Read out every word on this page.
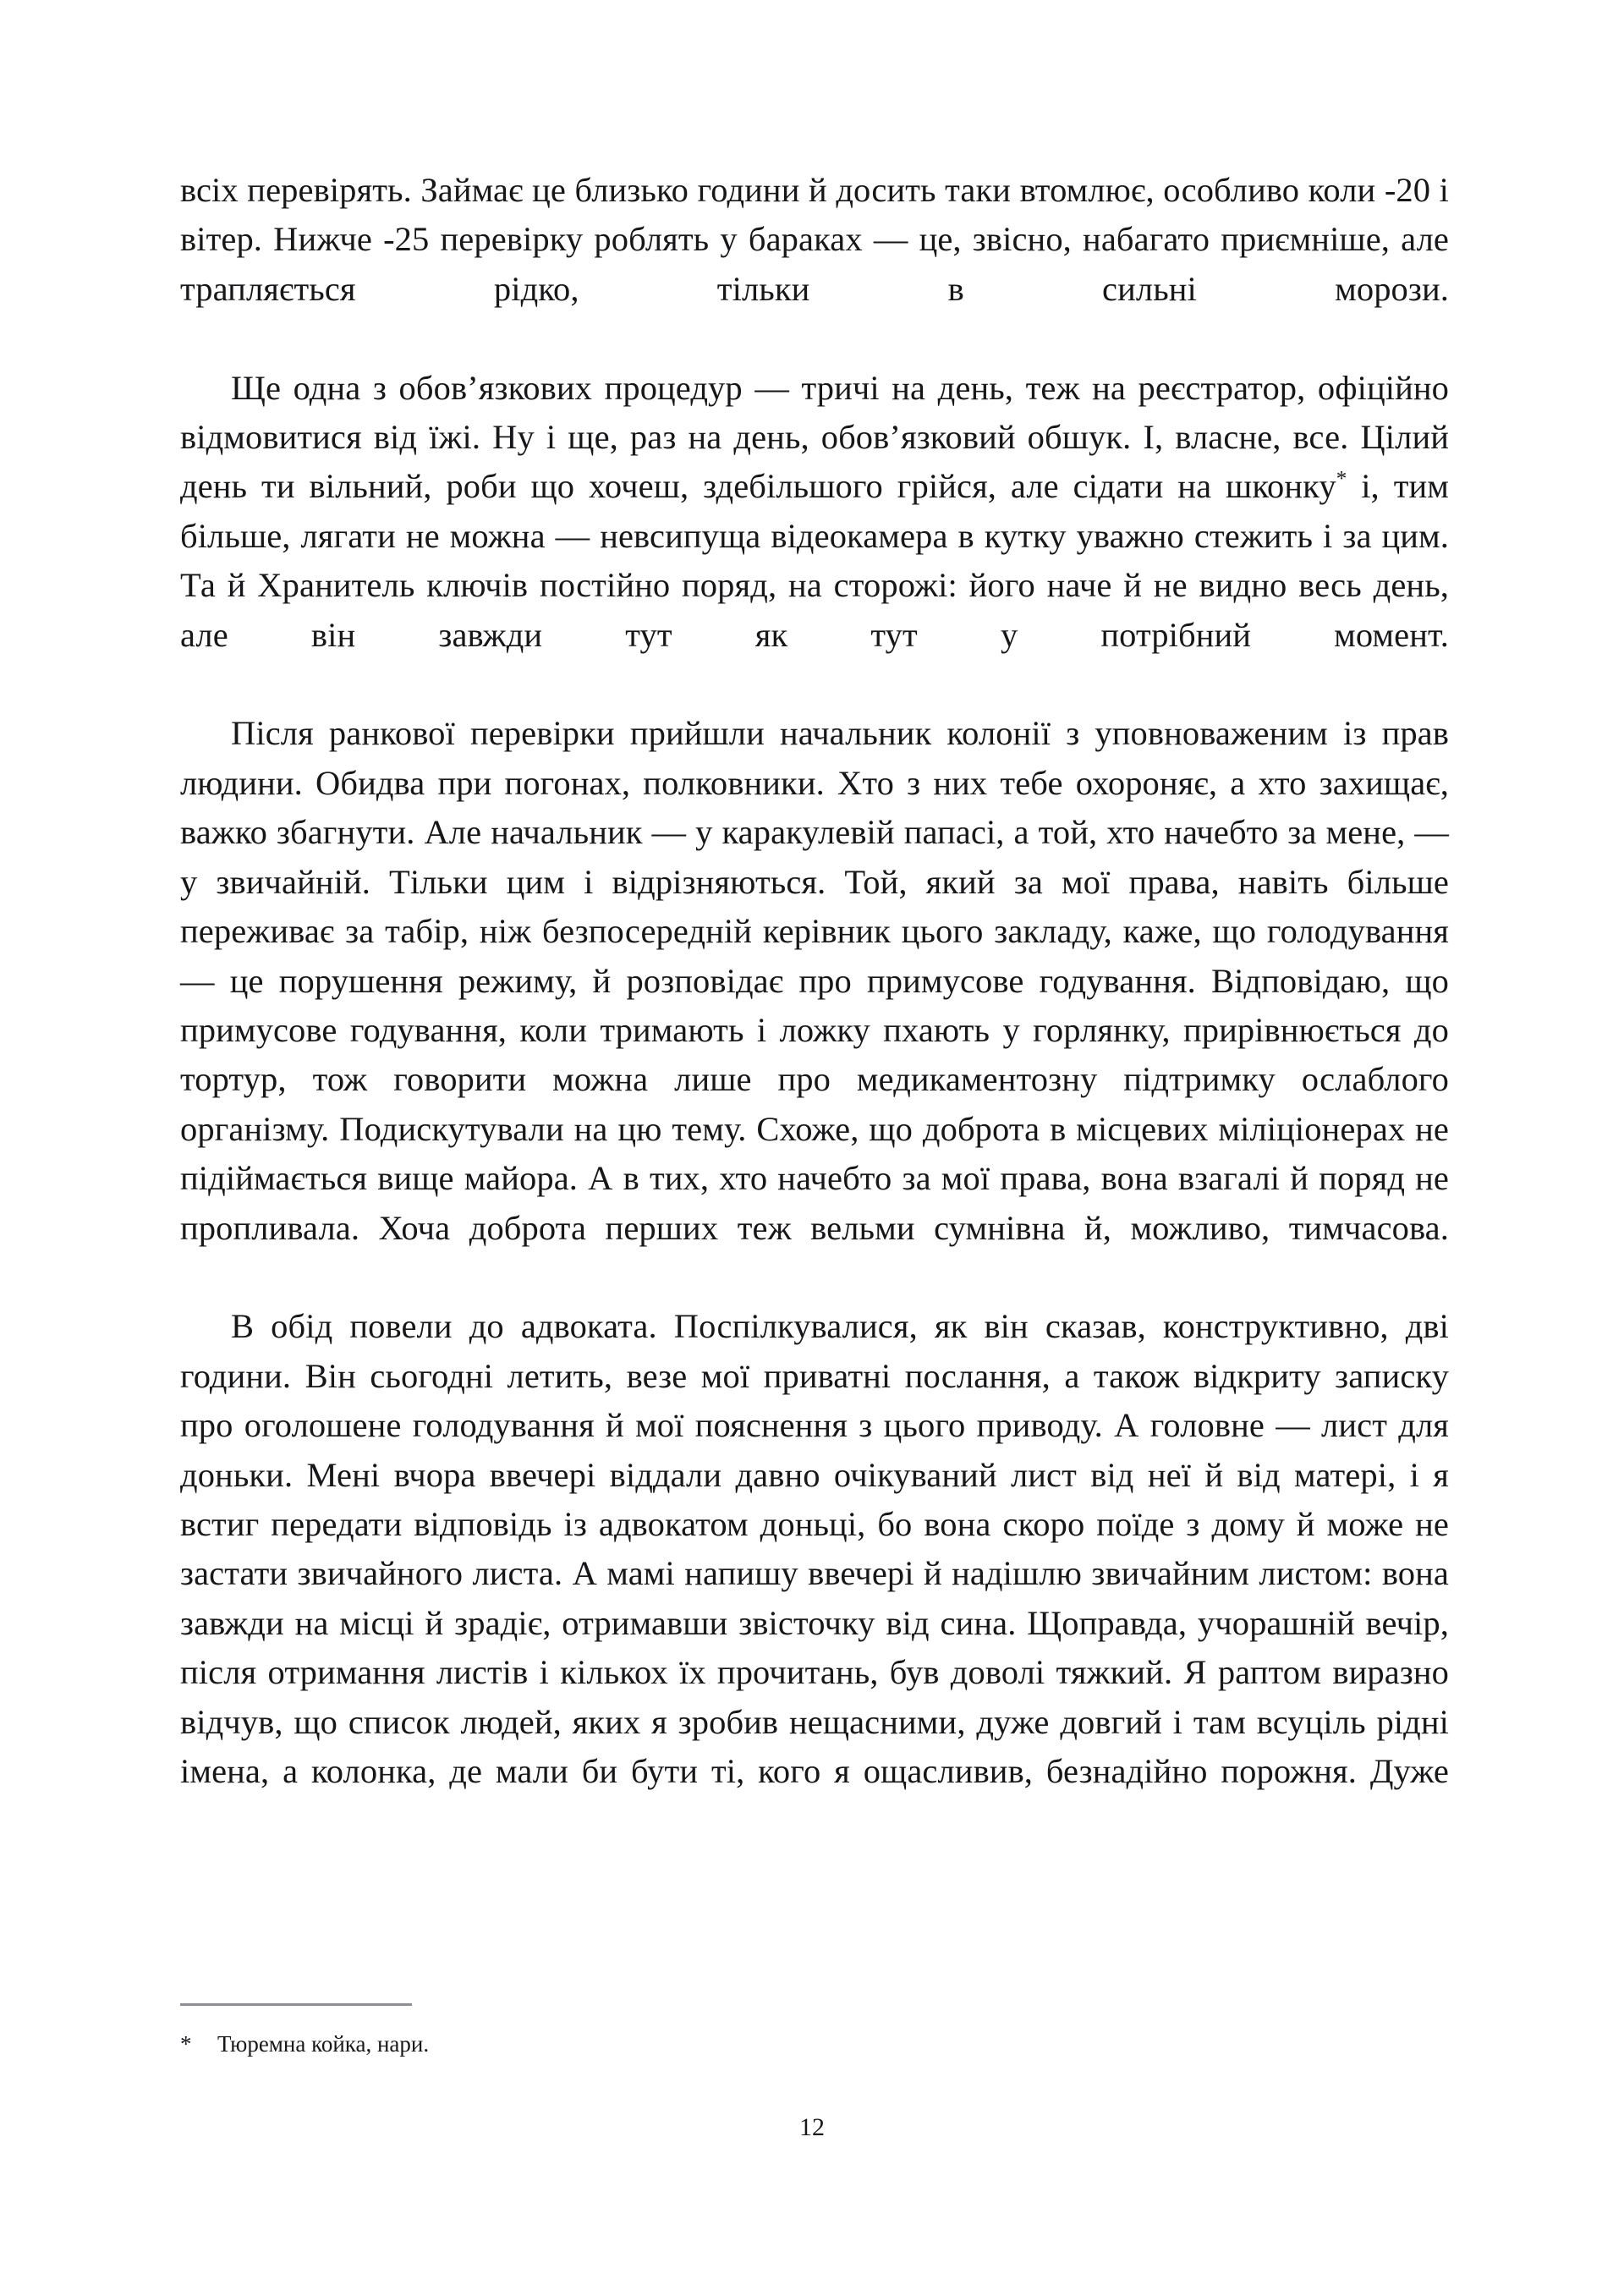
всіх перевірять. Займає це близько години й досить таки втомлює, особливо коли -20 і вітер. Нижче -25 перевірку роблять у бараках — це, звісно, набагато приємніше, але трапляється рідко, тільки в сильні морози.

Ще одна з обов’язкових процедур — тричі на день, теж на реєстратор, офіційно відмовитися від їжі. Ну і ще, раз на день, обов’язковий обшук. І, власне, все. Цілий день ти вільний, роби що хочеш, здебільшого грійся, але сідати на шконку* і, тим більше, лягати не можна — невсипуща відеокамера в кутку уважно стежить і за цим. Та й Хранитель ключів постійно поряд, на сторожі: його наче й не видно весь день, але він завжди тут як тут у потрібний момент.

Після ранкової перевірки прийшли начальник колонії з уповноваженим із прав людини. Обидва при погонах, полковники. Хто з них тебе охороняє, а хто захищає, важко збагнути. Але начальник — у каракулевій папасі, а той, хто начебто за мене, — у звичайній. Тільки цим і відрізняються. Той, який за мої права, навіть більше переживає за табір, ніж безпосередній керівник цього закладу, каже, що голодування — це порушення режиму, й розповідає про примусове годування. Відповідаю, що примусове годування, коли тримають і ложку пхають у горлянку, прирівнюється до тортур, тож говорити можна лише про медикаментозну підтримку ослаблого організму. Подискутували на цю тему. Схоже, що доброта в місцевих міліціонерах не підіймається вище майора. А в тих, хто начебто за мої права, вона взагалі й поряд не пропливала. Хоча доброта перших теж вельми сумнівна й, можливо, тимчасова.

В обід повели до адвоката. Поспілкувалися, як він сказав, конструктивно, дві години. Він сьогодні летить, везе мої приватні послання, а також відкриту записку про оголошене голодування й мої пояснення з цього приводу. А головне — лист для доньки. Мені вчора ввечері віддали давно очікуваний лист від неї й від матері, і я встиг передати відповідь із адвокатом доньці, бо вона скоро поїде з дому й може не застати звичайного листа. А мамі напишу ввечері й надішлю звичайним листом: вона завжди на місці й зрадіє, отримавши звісточку від сина. Щоправда, учорашній вечір, після отримання листів і кількох їх прочитань, був доволі тяжкий. Я раптом виразно відчув, що список людей, яких я зробив нещасними, дуже довгий і там всуціль рідні імена, а колонка, де мали би бути ті, кого я ощасливив, безнадійно порожня. Дуже

* Тюремна койка, нари.
12
